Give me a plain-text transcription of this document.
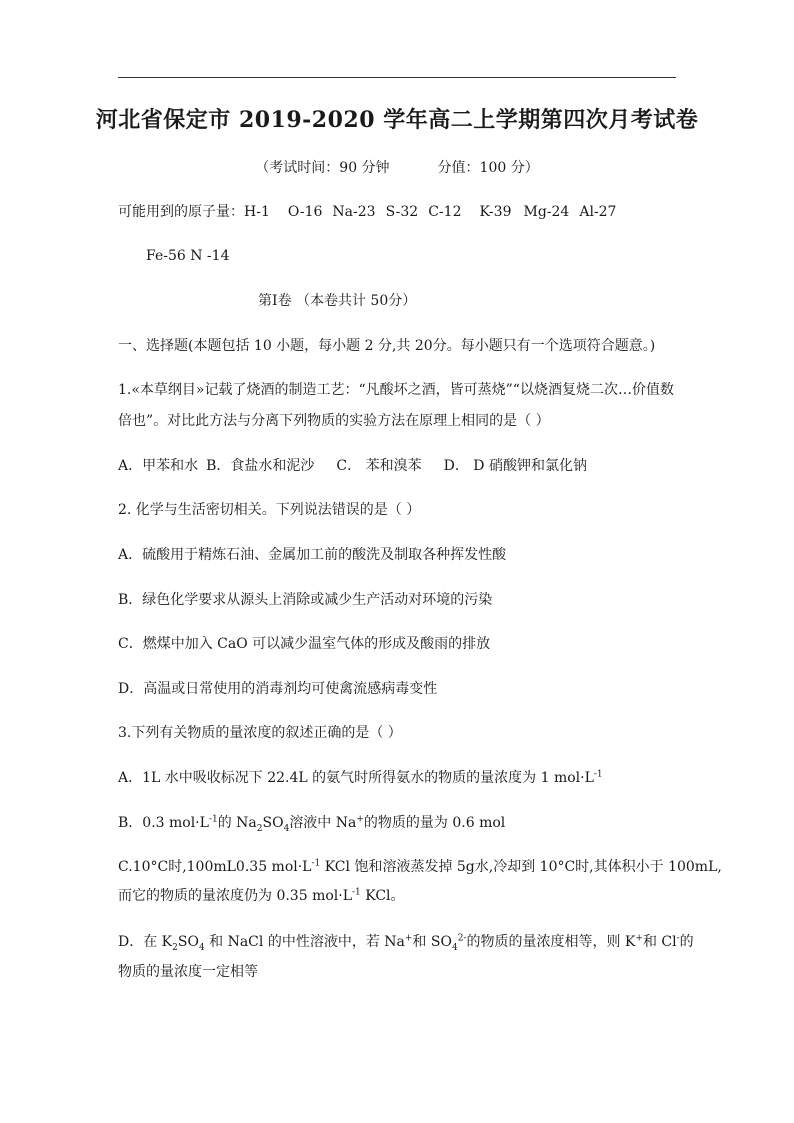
河北省保定市 2019-2020 学年高二上学期第四次月考试卷
（考试时间：90 分钟	分值：100 分）
可能用到的原子量：H-1 O-16 Na-23 S-32 C-12 K-39 Mg-24 Al-27
Fe-56 N -14
第Ⅰ卷 （本卷共计 50分）
一、选择题(本题包括 10 小题，每小题 2 分,共 20分。每小题只有一个选项符合题意。)
1.«本草纲目»记载了烧酒的制造工艺：“凡酸坏之酒，皆可蒸烧”“以烧酒复烧二次…价值数
倍也”。对比此方法与分离下列物质的实验方法在原理上相同的是（ ）
A．甲苯和水 B．食盐水和泥沙 C． 苯和溴苯 D． D 硝酸钾和氯化钠
2. 化学与生活密切相关。下列说法错误的是（ ）
A．硫酸用于精炼石油、金属加工前的酸洗及制取各种挥发性酸
B．绿色化学要求从源头上消除或减少生产活动对环境的污染
C．燃煤中加入 CaO 可以减少温室气体的形成及酸雨的排放
D．高温或日常使用的消毒剂均可使禽流感病毒变性
3.下列有关物质的量浓度的叙述正确的是（ ）
A．1L 水中吸收标况下 22.4L 的氨气时所得氨水的物质的量浓度为 1 $mol\cdot L^{-1}$
B．0.3 $mol\cdot L^{-1}$的 $Na_2SO_4$溶液中 Na+的物质的量为 0.6 mol
C.10°C时,100mL0.35 $mol\cdot L^{-1}$ KCl 饱和溶液蒸发掉 5g水,冷却到 10°C时,其体积小于 100mL,
而它的物质的量浓度仍为 0.35 $mol\cdot L^{-1}$ KCl。
D．在 $K_2SO_4$ 和 NaCl 的中性溶液中，若 Na+和 $SO_4^{2-}$的物质的量浓度相等，则 K+和 Cl-的
物质的量浓度一定相等
